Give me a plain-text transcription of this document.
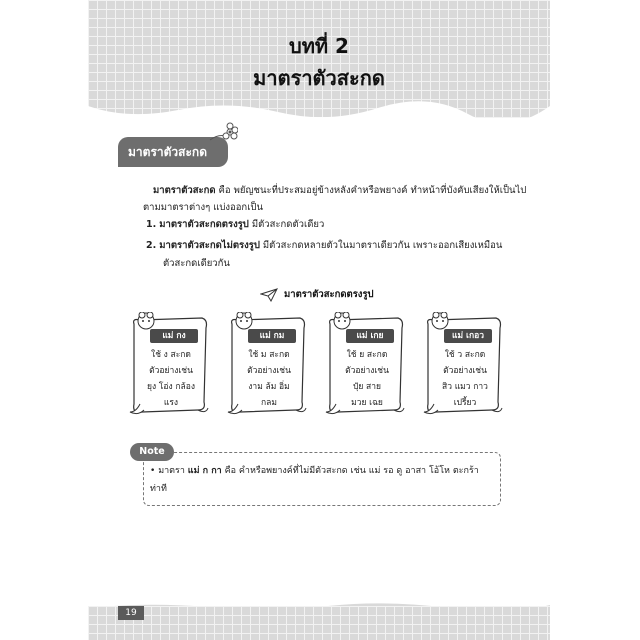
บทที่ 2
มาตราตัวสะกด
มาตราตัวสะกด
มาตราตัวสะกด คือ พยัญชนะที่ประสมอยู่ข้างหลังคำหรือพยางค์ ทำหน้าที่บังคับเสียงให้เป็นไปตามมาตราต่างๆ แบ่งออกเป็น
1. มาตราตัวสะกดตรงรูป มีตัวสะกดตัวเดียว
2. มาตราตัวสะกดไม่ตรงรูป มีตัวสะกดหลายตัวในมาตราเดียวกัน เพราะออกเสียงเหมือน
ตัวสะกดเดียวกัน
มาตราตัวสะกดตรงรูป
แม่ กง
ใช้ ง สะกด
ตัวอย่างเช่น
ยุง โอ่ง กล้อง
แรง
แม่ กม
ใช้ ม สะกด
ตัวอย่างเช่น
งาม ล้ม อิ่ม
กลม
แม่ เกย
ใช้ ย สะกด
ตัวอย่างเช่น
ปุ๋ย สาย
มวย เฉย
แม่ เกอว
ใช้ ว สะกด
ตัวอย่างเช่น
สิว แมว กาว
เปรี้ยว
Note
• มาตรา แม่ ก กา คือ คำหรือพยางค์ที่ไม่มีตัวสะกด เช่น แม่ รอ ดู อาสา โอ้โห ตะกร้า ท่าที
19
